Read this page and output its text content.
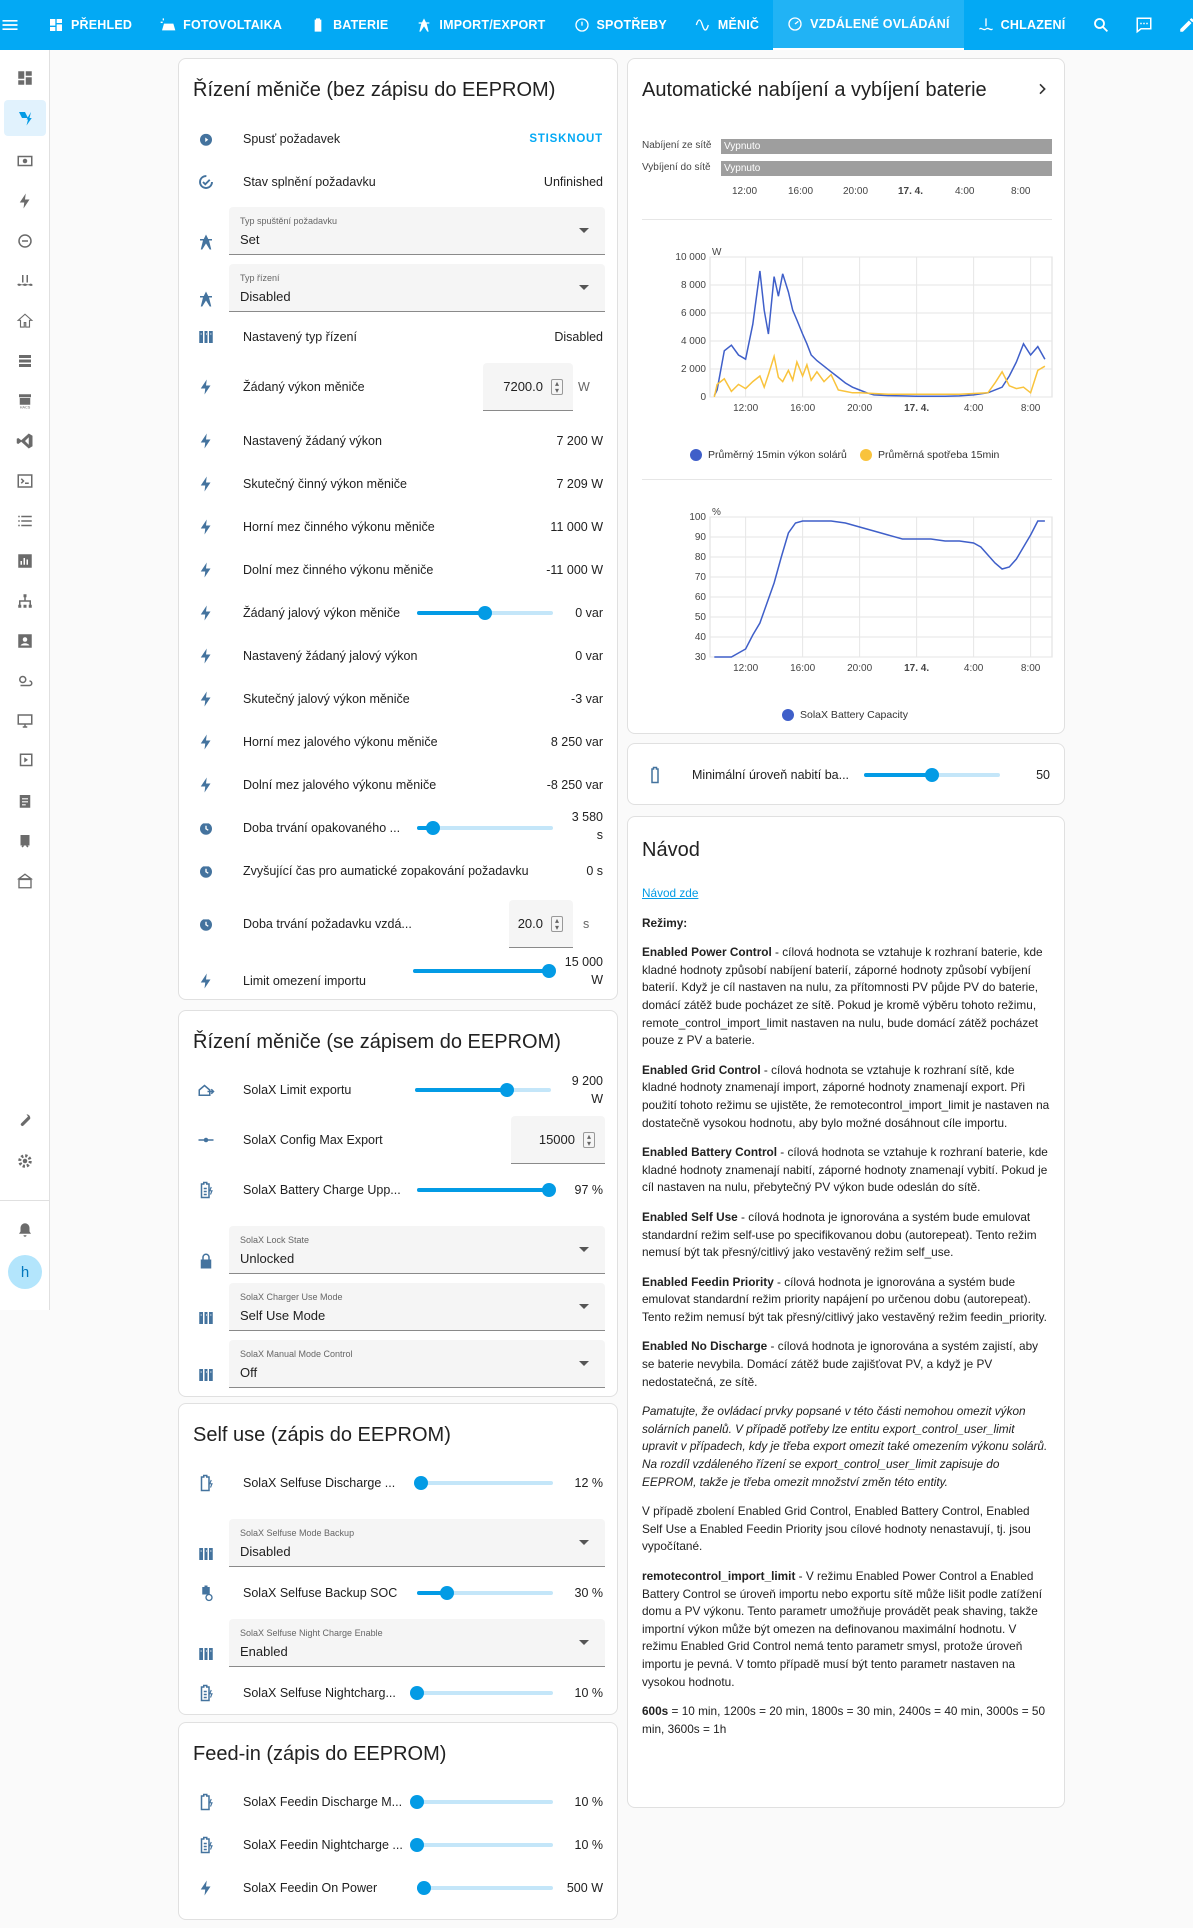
PŘEHLED	FOTOVOLTAIKA	BATERIE	IMPORT/EXPORT	SPOTŘEBY	MĚNIČ	VZDÁLENÉ OVLÁDÁNÍ	CHLAZENÍ
HACS
h
Řízení měniče (bez zápisu do EEPROM)
Spusť požadavek	STISKNOUT
Stav splnění požadavku	Unfinished
Typ spuštění požadavku
Set
Typ řízení
Disabled
Nastavený typ řízení	Disabled
Žádaný výkon měniče	7200.0	▴
▾	W
Nastavený žádaný výkon	7 200 W
Skutečný činný výkon měniče	7 209 W
Horní mez činného výkonu měniče	11 000 W
Dolní mez činného výkonu měniče	-11 000 W
Žádaný jalový výkon měniče	0 var
Nastavený žádaný jalový výkon	0 var
Skutečný jalový výkon měniče	-3 var
Horní mez jalového výkonu měniče	8 250 var
Dolní mez jalového výkonu měniče	-8 250 var
Doba trvání opakovaného ...
3 580
s
Zvyšující čas pro aumatické zopakování požadavku	0 s
Doba trvání požadavku vzdá...	20.0	▴
▾	s
Limit omezení importu
15 000
W
Řízení měniče (se zápisem do EEPROM)
SolaX Limit exportu
9 200
W
SolaX Config Max Export	15000	▴
▾
SolaX Battery Charge Upp...	97 %
SolaX Lock State
Unlocked
SolaX Charger Use Mode
Self Use Mode
SolaX Manual Mode Control
Off
Self use (zápis do EEPROM)
SolaX Selfuse Discharge ...	12 %
SolaX Selfuse Mode Backup
Disabled
SolaX Selfuse Backup SOC	30 %
SolaX Selfuse Night Charge Enable
Enabled
SolaX Selfuse Nightcharg...	10 %
Feed-in (zápis do EEPROM)
SolaX Feedin Discharge M...	10 %
SolaX Feedin Nightcharge ...	10 %
SolaX Feedin On Power	500 W
Automatické nabíjení a vybíjení baterie
Nabíjení ze sítě	Vypnuto
Vybíjení do sítě	Vypnuto
12:00	16:00	20:00	17. 4.	4:00	8:00
10 000
8 000
6 000
4 000
2 000
0
W
12:00	16:00	20:00	17. 4.	4:00	8:00
Průměrný 15min výkon solárů	Průměrná spotřeba 15min
100
90
80
70
60
50
40
30
%
12:00	16:00	20:00	17. 4.	4:00	8:00
SolaX Battery Capacity
Minimální úroveň nabití ba...	50
Návod

Návod zde

Režimy:

Enabled Power Control - cílová hodnota se vztahuje k rozhraní baterie, kde kladné hodnoty způsobí nabíjení baterií, záporné hodnoty způsobí vybíjení baterií. Když je cíl nastaven na nulu, za přítomnosti PV půjde PV do baterie, domácí zátěž bude pocházet ze sítě. Pokud je kromě výběru tohoto režimu, remote_control_import_limit nastaven na nulu, bude domácí zátěž pocházet pouze z PV a baterie.

Enabled Grid Control - cílová hodnota se vztahuje k rozhraní sítě, kde kladné hodnoty znamenají import, záporné hodnoty znamenají export. Při použití tohoto režimu se ujistěte, že remotecontrol_import_limit je nastaven na dostatečně vysokou hodnotu, aby bylo možné dosáhnout cíle importu.

Enabled Battery Control - cílová hodnota se vztahuje k rozhraní baterie, kde kladné hodnoty znamenají nabití, záporné hodnoty znamenají vybití. Pokud je cíl nastaven na nulu, přebytečný PV výkon bude odeslán do sítě.

Enabled Self Use - cílová hodnota je ignorována a systém bude emulovat standardní režim self-use po specifikovanou dobu (autorepeat). Tento režim nemusí být tak přesný/citlivý jako vestavěný režim self_use.

Enabled Feedin Priority - cílová hodnota je ignorována a systém bude emulovat standardní režim priority napájení po určenou dobu (autorepeat). Tento režim nemusí být tak přesný/citlivý jako vestavěný režim feedin_priority.

Enabled No Discharge - cílová hodnota je ignorována a systém zajistí, aby se baterie nevybila. Domácí zátěž bude zajišťovat PV, a když je PV nedostatečná, ze sítě.

Pamatujte, že ovládací prvky popsané v této části nemohou omezit výkon solárních panelů. V případě potřeby lze entitu export_control_user_limit upravit v případech, kdy je třeba export omezit také omezením výkonu solárů. Na rozdíl vzdáleného řízení se export_control_user_limit zapisuje do EEPROM, takže je třeba omezit množství změn této entity.

V případě zbolení Enabled Grid Control, Enabled Battery Control, Enabled Self Use a Enabled Feedin Priority jsou cílové hodnoty nenastavují, tj. jsou vypočítané.

remotecontrol_import_limit - V režimu Enabled Power Control a Enabled Battery Control se úroveň importu nebo exportu sítě může lišit podle zatížení domu a PV výkonu. Tento parametr umožňuje provádět peak shaving, takže importní výkon může být omezen na definovanou maximální hodnotu. V režimu Enabled Grid Control nemá tento parametr smysl, protože úroveň importu je pevná. V tomto případě musí být tento parametr nastaven na vysokou hodnotu.

600s = 10 min, 1200s = 20 min, 1800s = 30 min, 2400s = 40 min, 3000s = 50 min, 3600s = 1h
